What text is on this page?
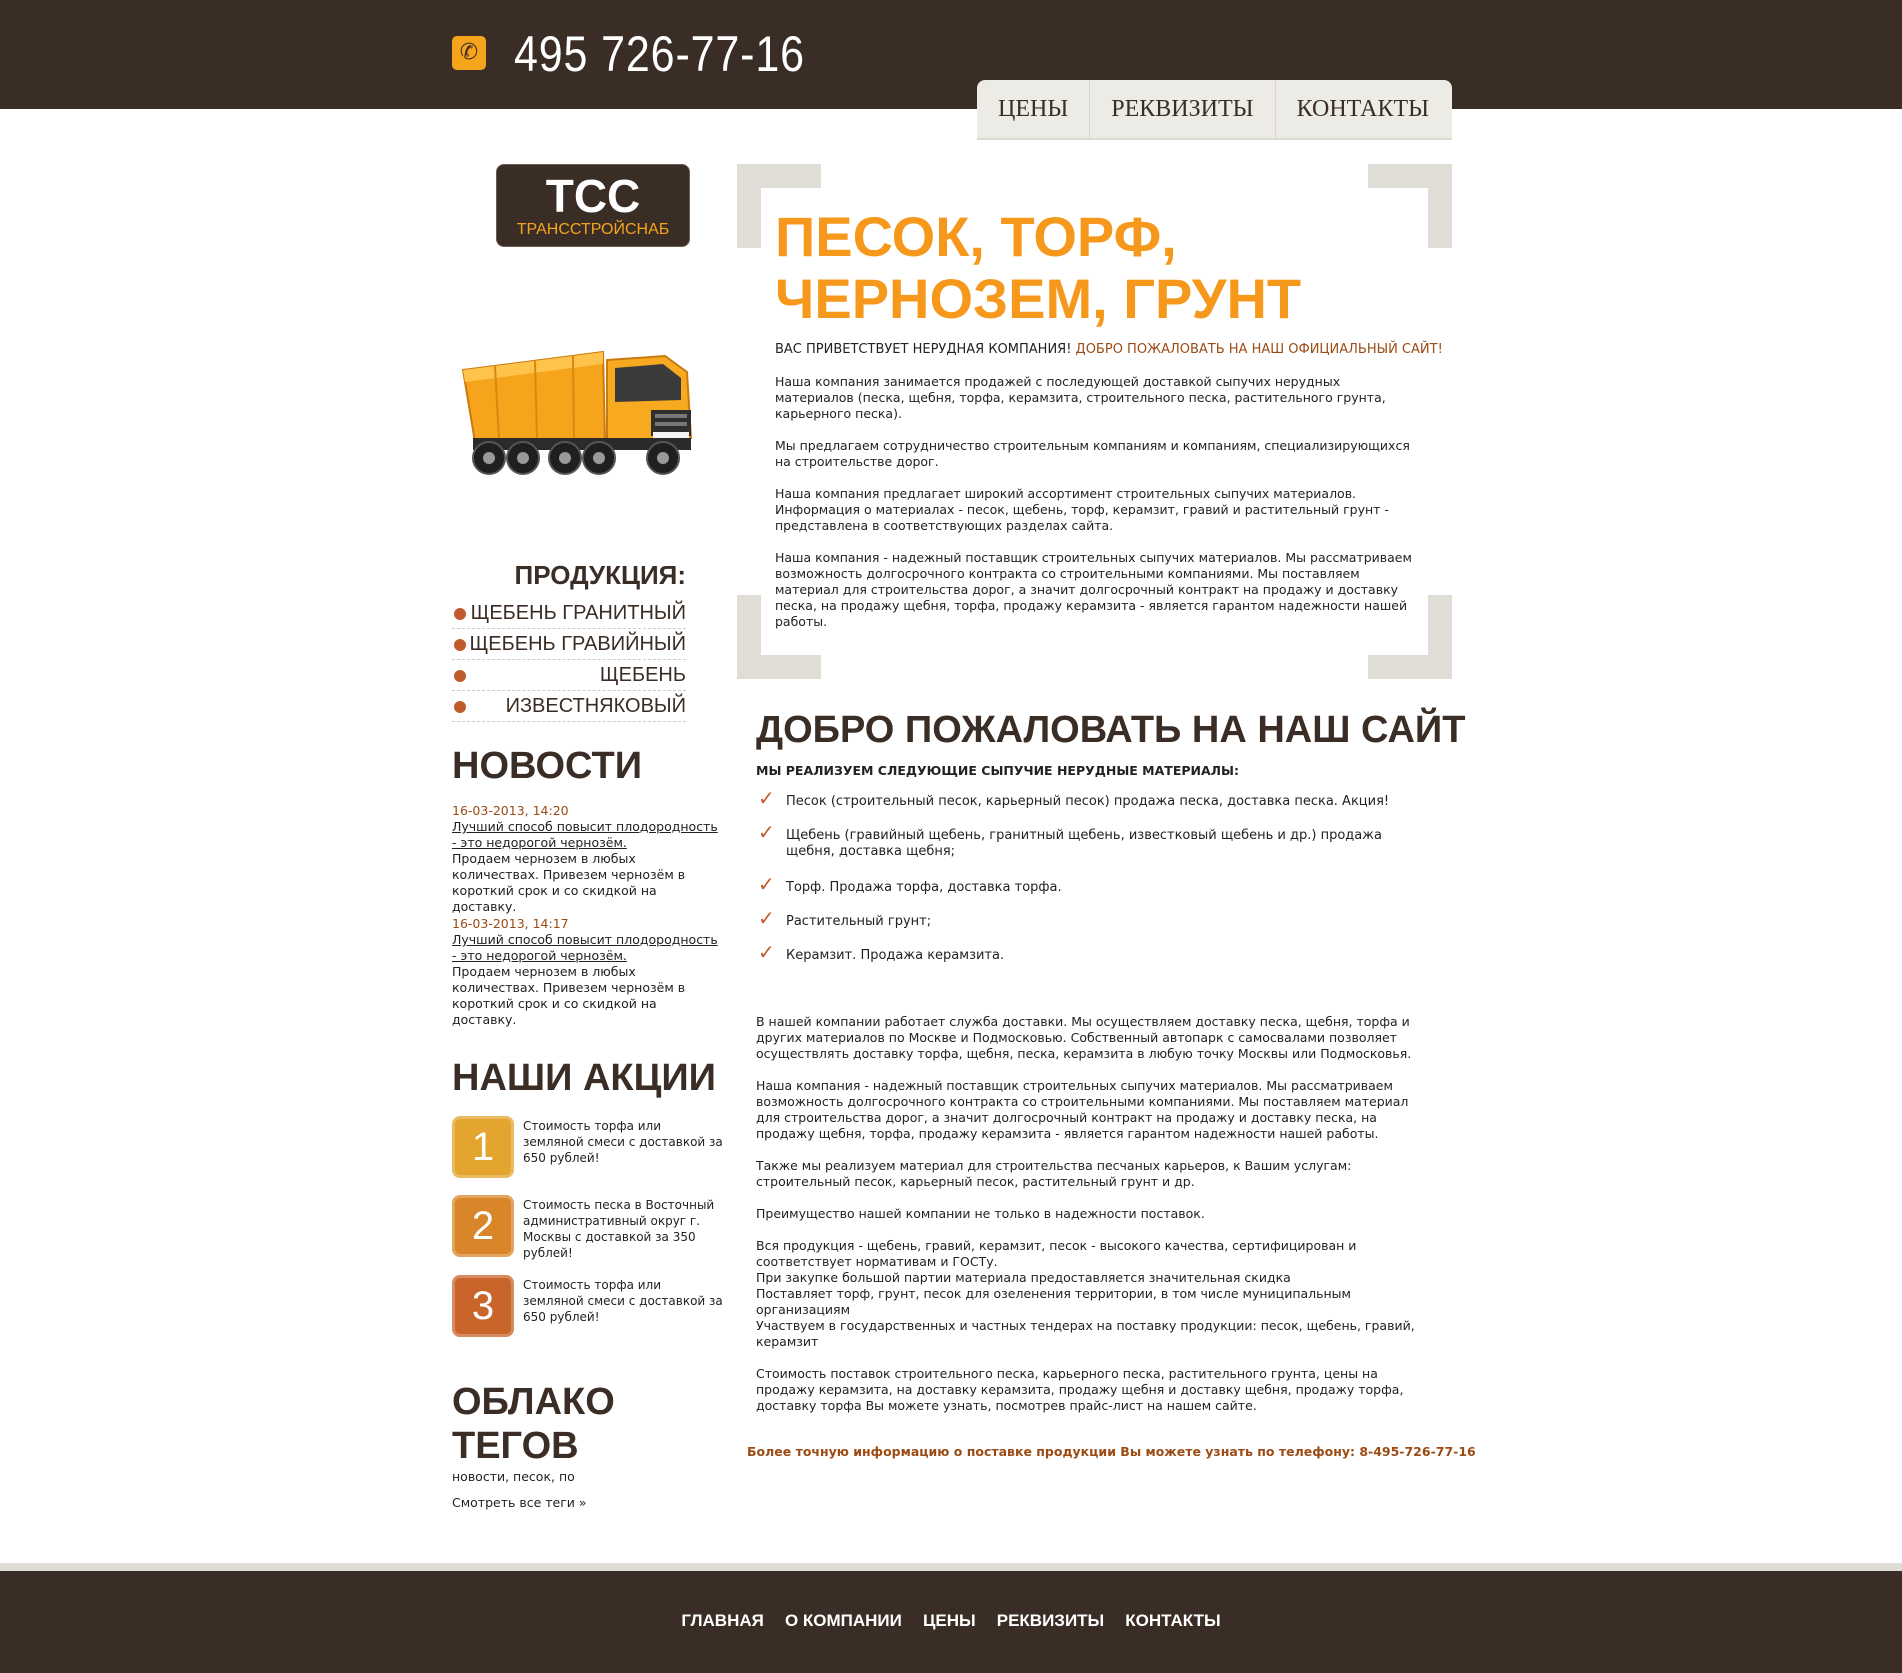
✆ 495 726-77-16
ЦЕНЫ	РЕКВИЗИТЫ	КОНТАКТЫ
ТСС
ТРАНССТРОЙСНАБ
ПРОДУКЦИЯ:
ЩЕБЕНЬ ГРАНИТНЫЙ
ЩЕБЕНЬ ГРАВИЙНЫЙ
ЩЕБЕНЬ
ИЗВЕСТНЯКОВЫЙ
НОВОСТИ
16-03-2013, 14:20
Лучший способ повысит плодородность - это недорогой чернозём.
Продаем чернозем в любых количествах. Привезем чернозём в короткий срок и со скидкой на доставку.
16-03-2013, 14:17
Лучший способ повысит плодородность - это недорогой чернозём.
Продаем чернозем в любых количествах. Привезем чернозём в короткий срок и со скидкой на доставку.
НАШИ АКЦИИ
1	Стоимость торфа или земляной смеси с доставкой за 650 рублей!
2	Стоимость песка в Восточный административный округ г. Москвы с доставкой за 350 рублей!
3	Стоимость торфа или земляной смеси с доставкой за 650 рублей!
ОБЛАКО ТЕГОВ
новости, песок, по
Смотреть все теги »
ПЕСОК, ТОРФ, ЧЕРНОЗЕМ, ГРУНТ
ВАС ПРИВЕТСТВУЕТ НЕРУДНАЯ КОМПАНИЯ! ДОБРО ПОЖАЛОВАТЬ НА НАШ ОФИЦИАЛЬНЫЙ САЙТ!

Наша компания занимается продажей с последующей доставкой сыпучих нерудных материалов (песка, щебня, торфа, керамзита, строительного песка, растительного грунта, карьерного песка).

Мы предлагаем сотрудничество строительным компаниям и компаниям, специализирующихся на строительстве дорог.

Наша компания предлагает широкий ассортимент строительных сыпучих материалов. Информация о материалах - песок, щебень, торф, керамзит, гравий и растительный грунт - представлена в соответствующих разделах сайта.

Наша компания - надежный поставщик строительных сыпучих материалов. Мы рассматриваем возможность долгосрочного контракта со строительными компаниями. Мы поставляем материал для строительства дорог, а значит долгосрочный контракт на продажу и доставку песка, на продажу щебня, торфа, продажу керамзита - является гарантом надежности нашей работы.

ДОБРО ПОЖАЛОВАТЬ НА НАШ САЙТ
МЫ РЕАЛИЗУЕМ СЛЕДУЮЩИЕ СЫПУЧИЕ НЕРУДНЫЕ МАТЕРИАЛЫ:
✓ Песок (строительный песок, карьерный песок) продажа песка, доставка песка. Акция!
✓ Щебень (гравийный щебень, гранитный щебень, известковый щебень и др.) продажа щебня, доставка щебня;
✓ Торф. Продажа торфа, доставка торфа.
✓ Растительный грунт;
✓ Керамзит. Продажа керамзита.

В нашей компании работает служба доставки. Мы осуществляем доставку песка, щебня, торфа и других материалов по Москве и Подмосковью. Собственный автопарк с самосвалами позволяет осуществлять доставку торфа, щебня, песка, керамзита в любую точку Москвы или Подмосковья.

Наша компания - надежный поставщик строительных сыпучих материалов. Мы рассматриваем возможность долгосрочного контракта со строительными компаниями. Мы поставляем материал для строительства дорог, а значит долгосрочный контракт на продажу и доставку песка, на продажу щебня, торфа, продажу керамзита - является гарантом надежности нашей работы.

Также мы реализуем материал для строительства песчаных карьеров, к Вашим услугам: строительный песок, карьерный песок, растительный грунт и др.

Преимущество нашей компании не только в надежности поставок.

Вся продукция - щебень, гравий, керамзит, песок - высокого качества, сертифицирован и соответствует нормативам и ГОСТу.
При закупке большой партии материала предоставляется значительная скидка
Поставляет торф, грунт, песок для озеленения территории, в том числе муниципальным организациям
Участвуем в государственных и частных тендерах на поставку продукции: песок, щебень, гравий, керамзит

Стоимость поставок строительного песка, карьерного песка, растительного грунта, цены на продажу керамзита, на доставку керамзита, продажу щебня и доставку щебня, продажу торфа, доставку торфа Вы можете узнать, посмотрев прайс-лист на нашем сайте.

Более точную информацию о поставке продукции Вы можете узнать по телефону: 8-495-726-77-16
ГЛАВНАЯ О КОМПАНИИ ЦЕНЫ РЕКВИЗИТЫ КОНТАКТЫ
